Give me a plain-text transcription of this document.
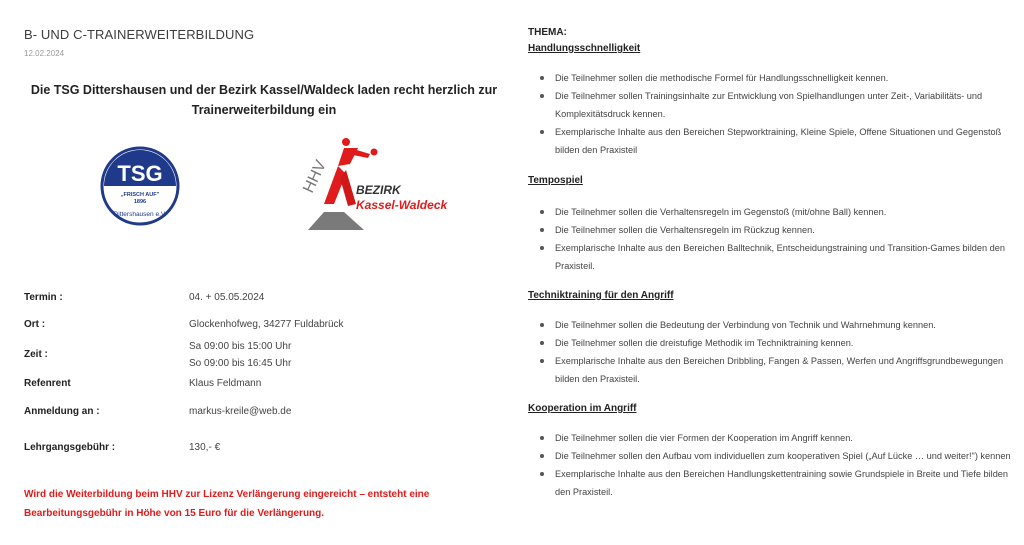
B- UND C-TRAINERWEITERBILDUNG
12.02.2024
Die TSG Dittershausen und der Bezirk Kassel/Waldeck laden recht herzlich zur Trainerweiterbildung ein
TSG
„FRISCH AUF"
1896
Dittershausen e.V.
HHV BEZIRK
Kassel-Waldeck
Termin :	04. + 05.05.2024
Ort :	Glockenhofweg, 34277 Fuldabrück
Zeit :
Sa 09:00 bis 15:00 Uhr
So 09:00 bis 16:45 Uhr
Refenrent	Klaus Feldmann
Anmeldung an :	markus-kreile@web.de
Lehrgangsgebühr :	130,- €
Wird die Weiterbildung beim HHV zur Lizenz Verlängerung eingereicht – entsteht eine Bearbeitungsgebühr in Höhe von 15 Euro für die Verlängerung.
THEMA:
Handlungsschnelligkeit
Die Teilnehmer sollen die methodische Formel für Handlungsschnelligkeit kennen.
Die Teilnehmer sollen Trainingsinhalte zur Entwicklung von Spielhandlungen unter Zeit-, Variabilitäts- und Komplexitätsdruck kennen.
Exemplarische Inhalte aus den Bereichen Stepworktraining, Kleine Spiele, Offene Situationen und Gegenstoß bilden den Praxisteil
Tempospiel
Die Teilnehmer sollen die Verhaltensregeln im Gegenstoß (mit/ohne Ball) kennen.
Die Teilnehmer sollen die Verhaltensregeln im Rückzug kennen.
Exemplarische Inhalte aus den Bereichen Balltechnik, Entscheidungstraining und Transition-Games bilden den Praxisteil.
Techniktraining für den Angriff
Die Teilnehmer sollen die Bedeutung der Verbindung von Technik und Wahrnehmung kennen.
Die Teilnehmer sollen die dreistufige Methodik im Techniktraining kennen.
Exemplarische Inhalte aus den Bereichen Dribbling, Fangen & Passen, Werfen und Angriffsgrundbewegungen bilden den Praxisteil.
Kooperation im Angriff
Die Teilnehmer sollen die vier Formen der Kooperation im Angriff kennen.
Die Teilnehmer sollen den Aufbau vom individuellen zum kooperativen Spiel („Auf Lücke … und weiter!") kennen
Exemplarische Inhalte aus den Bereichen Handlungskettentraining sowie Grundspiele in Breite und Tiefe bilden den Praxisteil.
